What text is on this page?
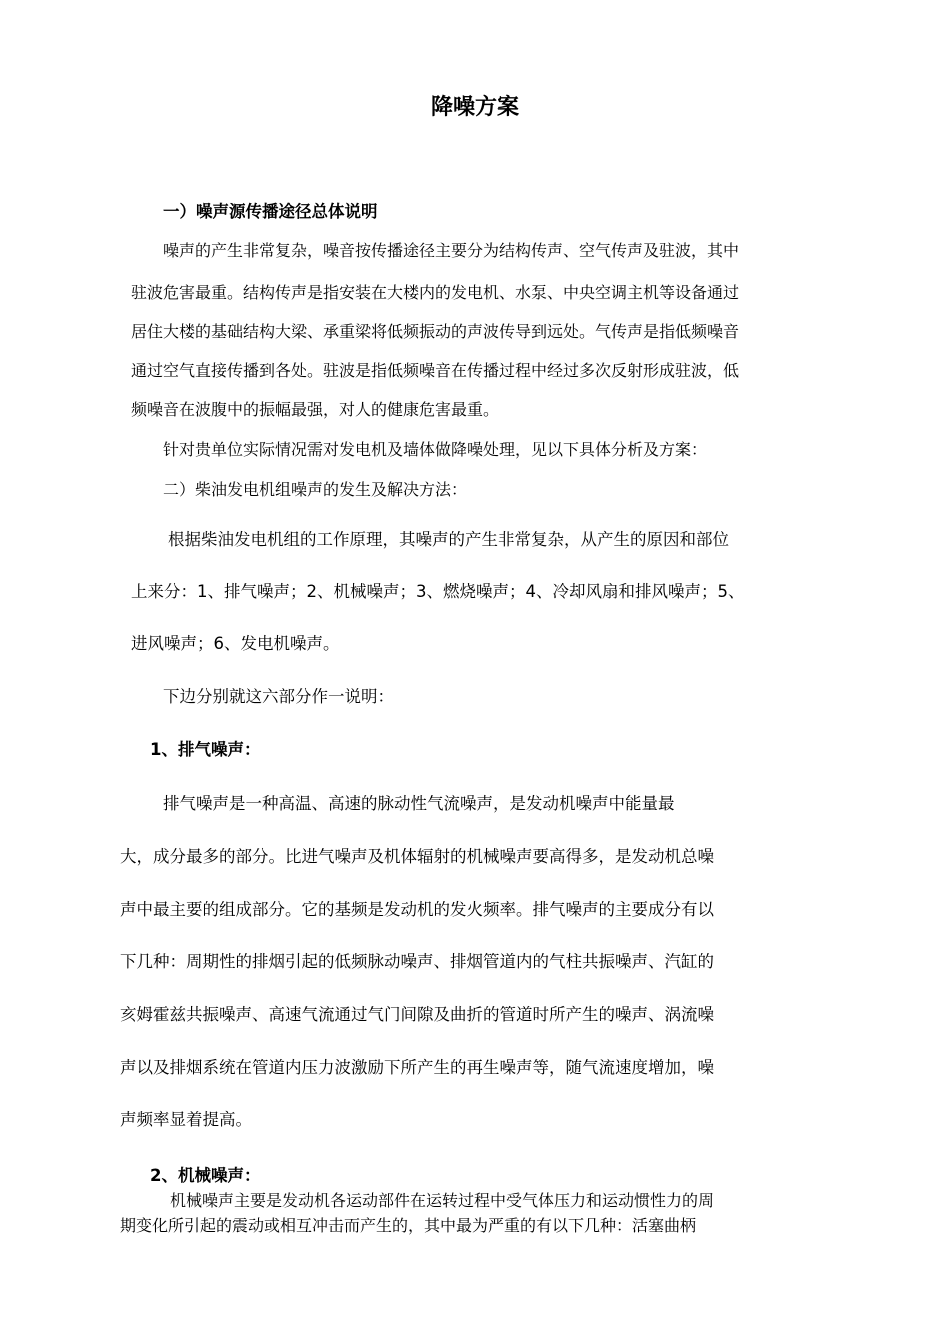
降噪方案

一）噪声源传播途径总体说明

噪声的产生非常复杂，噪音按传播途径主要分为结构传声、空气传声及驻波，其中

驻波危害最重。结构传声是指安装在大楼内的发电机、水泵、中央空调主机等设备通过

居住大楼的基础结构大梁、承重梁将低频振动的声波传导到远处。气传声是指低频噪音

通过空气直接传播到各处。驻波是指低频噪音在传播过程中经过多次反射形成驻波，低

频噪音在波腹中的振幅最强，对人的健康危害最重。

针对贵单位实际情况需对发电机及墙体做降噪处理，见以下具体分析及方案：

二）柴油发电机组噪声的发生及解决方法：

根据柴油发电机组的工作原理，其噪声的产生非常复杂，从产生的原因和部位

上来分：1、排气噪声；2、机械噪声；3、燃烧噪声；4、冷却风扇和排风噪声；5、

进风噪声；6、发电机噪声。

下边分别就这六部分作一说明：

1、排气噪声：

排气噪声是一种高温、高速的脉动性气流噪声，是发动机噪声中能量最

大，成分最多的部分。比进气噪声及机体辐射的机械噪声要高得多，是发动机总噪

声中最主要的组成部分。它的基频是发动机的发火频率。排气噪声的主要成分有以

下几种：周期性的排烟引起的低频脉动噪声、排烟管道内的气柱共振噪声、汽缸的

亥姆霍兹共振噪声、高速气流通过气门间隙及曲折的管道时所产生的噪声、涡流噪

声以及排烟系统在管道内压力波激励下所产生的再生噪声等，随气流速度增加，噪

声频率显着提高。

2、机械噪声：

机械噪声主要是发动机各运动部件在运转过程中受气体压力和运动惯性力的周

期变化所引起的震动或相互冲击而产生的，其中最为严重的有以下几种：活塞曲柄
